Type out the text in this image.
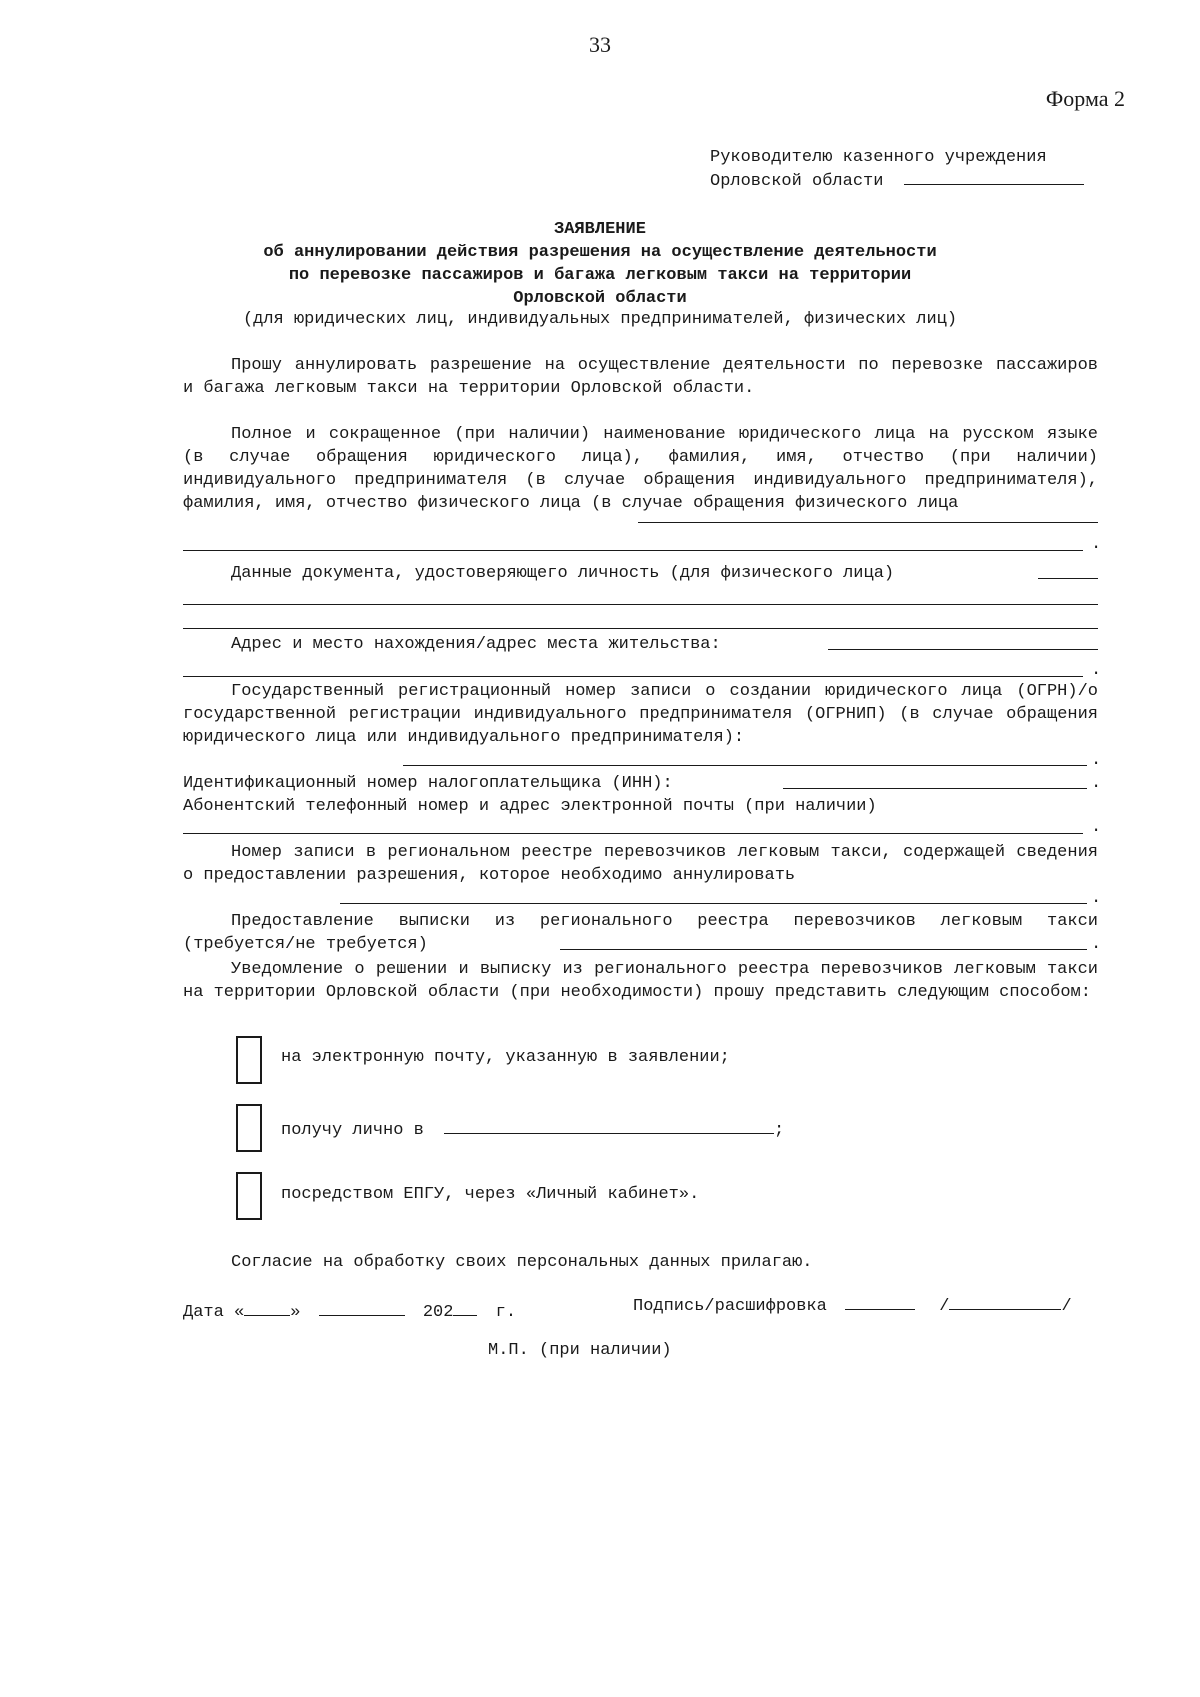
33
Форма 2
Руководителю казенного учреждения
Орловской области
ЗАЯВЛЕНИЕ
об аннулировании действия разрешения на осуществление деятельности
по перевозке пассажиров и багажа легковым такси на территории
Орловской области
(для юридических лиц, индивидуальных предпринимателей, физических лиц)
Прошу аннулировать разрешение на осуществление деятельности по перевозке пассажиров и багажа легковым такси на территории Орловской области.
Полное и сокращенное (при наличии) наименование юридического лица на русском языке (в случае обращения юридического лица), фамилия, имя, отчество (при наличии) индивидуального предпринимателя (в случае обращения индивидуального предпринимателя), фамилия, имя, отчество физического лица (в случае обращения физического лица
.
Данные документа, удостоверяющего личность (для физического лица)
Адрес и место нахождения/адрес места жительства:
.
Государственный регистрационный номер записи о создании юридического лица (ОГРН)/о государственной регистрации индивидуального предпринимателя (ОГРНИП) (в случае обращения юридического лица или индивидуального предпринимателя):
.
Идентификационный номер налогоплательщика (ИНН):	.
Абонентский телефонный номер и адрес электронной почты (при наличии)
.
Номер записи в региональном реестре перевозчиков легковым такси, содержащей сведения о предоставлении разрешения, которое необходимо аннулировать
.
Предоставление выписки из регионального реестра перевозчиков легковым такси (требуется/не требуется)	.
Уведомление о решении и выписку из регионального реестра перевозчиков легковым такси на территории Орловской области (при необходимости) прошу представить следующим способом:
на электронную почту, указанную в заявлении;
получу лично в	;
посредством ЕПГУ, через «Личный кабинет».
Согласие на обработку своих персональных данных прилагаю.
Дата «	»	202 г.	Подпись/расшифровка	/	/
М.П. (при наличии)
